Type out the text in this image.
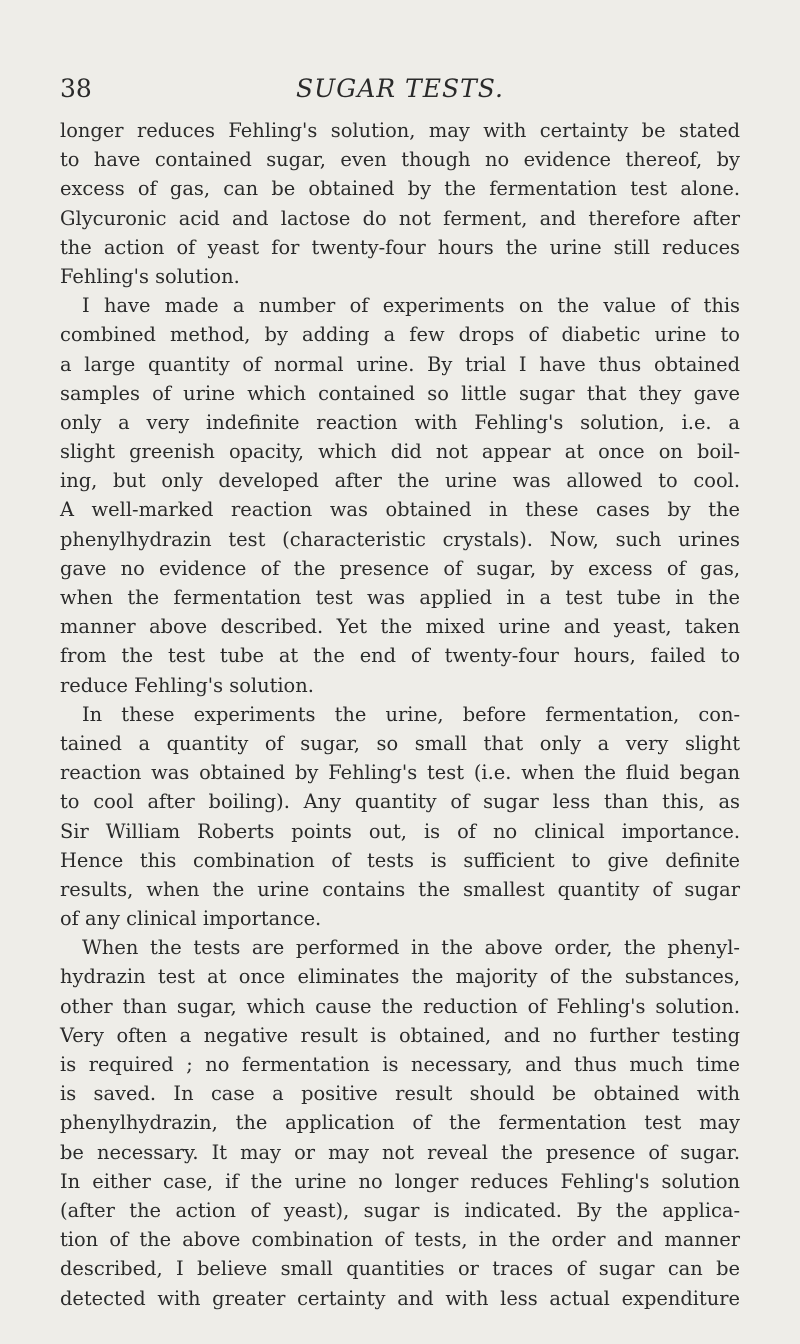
38	SUGAR TESTS.
longer reduces Fehling's solution, may with certainty be stated
to have contained sugar, even though no evidence thereof, by
excess of gas, can be obtained by the fermentation test alone.
Glycuronic acid and lactose do not ferment, and therefore after
the action of yeast for twenty-four hours the urine still reduces
Fehling's solution.
I have made a number of experiments on the value of this
combined method, by adding a few drops of diabetic urine to
a large quantity of normal urine. By trial I have thus obtained
samples of urine which contained so little sugar that they gave
only a very indefinite reaction with Fehling's solution, i.e. a
slight greenish opacity, which did not appear at once on boil-
ing, but only developed after the urine was allowed to cool.
A well-marked reaction was obtained in these cases by the
phenylhydrazin test (characteristic crystals). Now, such urines
gave no evidence of the presence of sugar, by excess of gas,
when the fermentation test was applied in a test tube in the
manner above described. Yet the mixed urine and yeast, taken
from the test tube at the end of twenty-four hours, failed to
reduce Fehling's solution.
In these experiments the urine, before fermentation, con-
tained a quantity of sugar, so small that only a very slight
reaction was obtained by Fehling's test (i.e. when the fluid began
to cool after boiling). Any quantity of sugar less than this, as
Sir William Roberts points out, is of no clinical importance.
Hence this combination of tests is sufficient to give definite
results, when the urine contains the smallest quantity of sugar
of any clinical importance.
When the tests are performed in the above order, the phenyl-
hydrazin test at once eliminates the majority of the substances,
other than sugar, which cause the reduction of Fehling's solution.
Very often a negative result is obtained, and no further testing
is required ; no fermentation is necessary, and thus much time
is saved. In case a positive result should be obtained with
phenylhydrazin, the application of the fermentation test may
be necessary. It may or may not reveal the presence of sugar.
In either case, if the urine no longer reduces Fehling's solution
(after the action of yeast), sugar is indicated. By the applica-
tion of the above combination of tests, in the order and manner
described, I believe small quantities or traces of sugar can be
detected with greater certainty and with less actual expenditure
